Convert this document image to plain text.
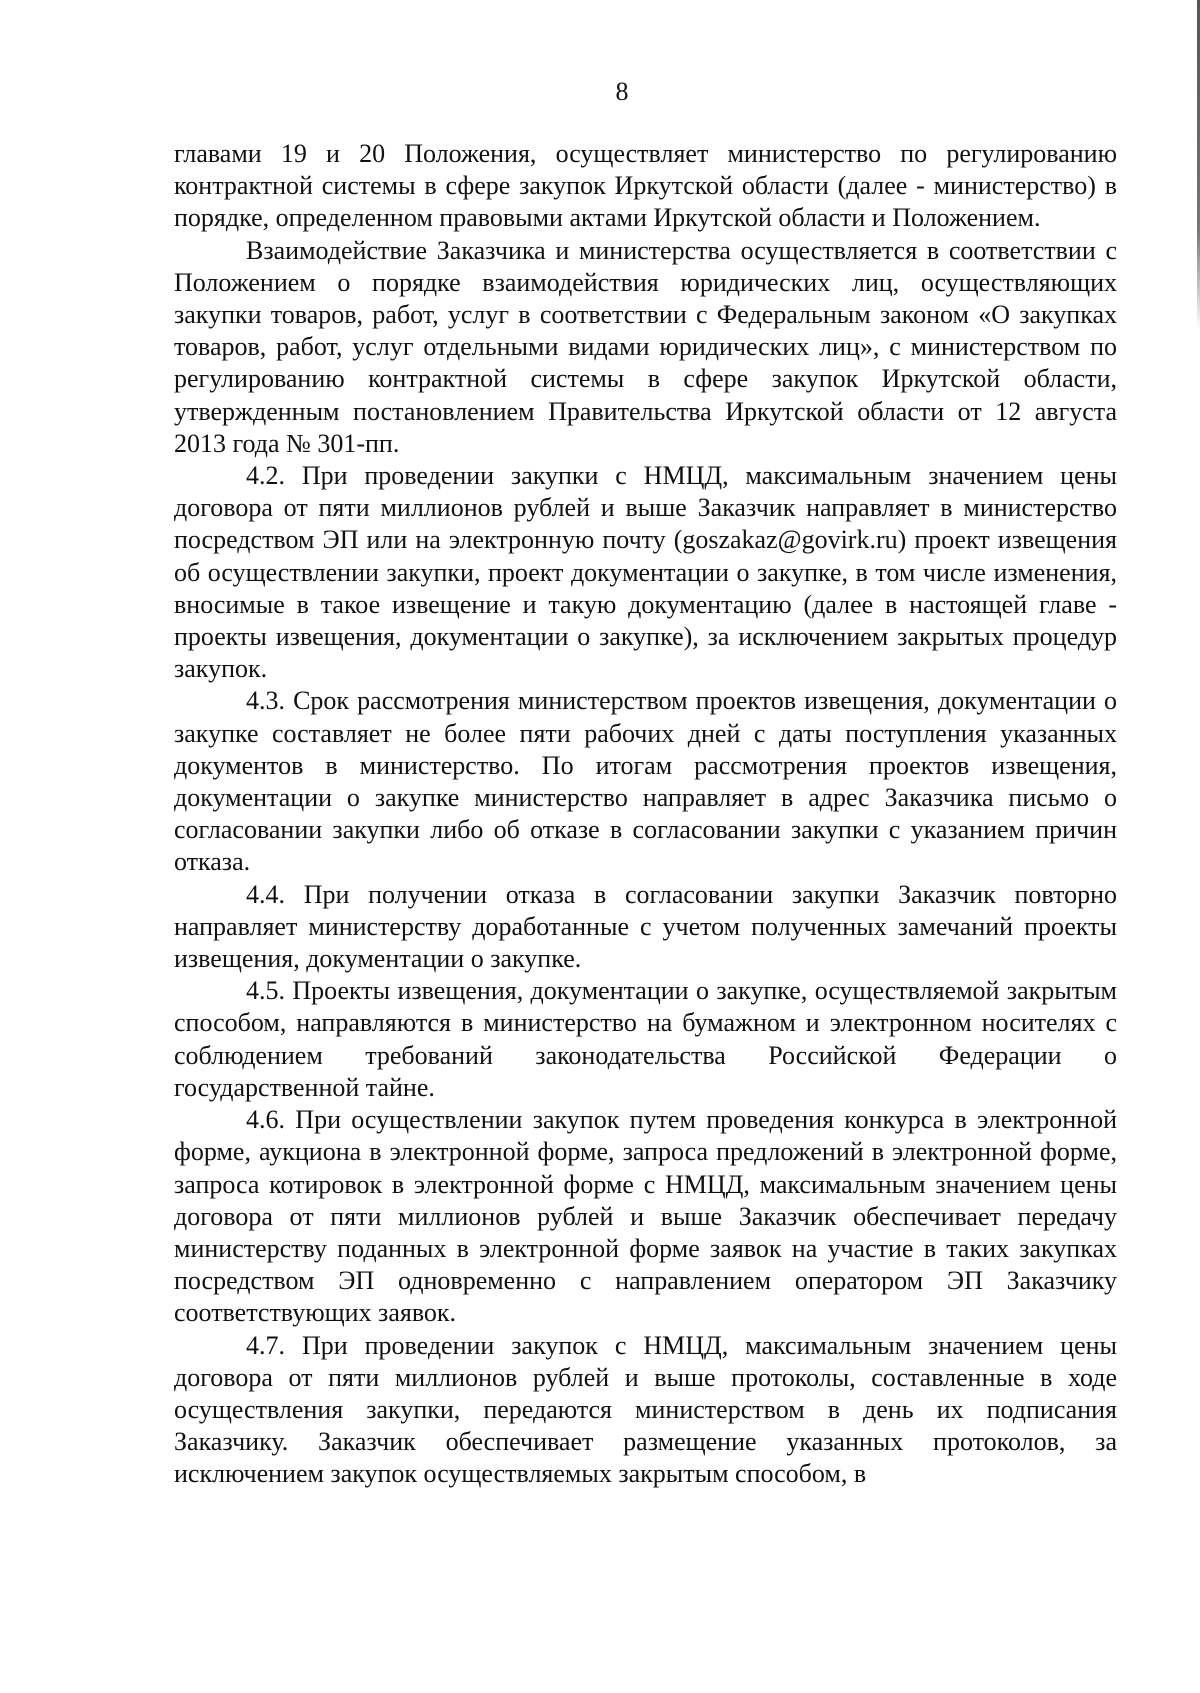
8

главами 19 и 20 Положения, осуществляет министерство по регулированию контрактной системы в сфере закупок Иркутской области (далее - министерство) в порядке, определенном правовыми актами Иркутской области и Положением.

Взаимодействие Заказчика и министерства осуществляется в соответствии с Положением о порядке взаимодействия юридических лиц, осуществляющих закупки товаров, работ, услуг в соответствии с Федеральным законом «О закупках товаров, работ, услуг отдельными видами юридических лиц», с министерством по регулированию контрактной системы в сфере закупок Иркутской области, утвержденным постановлением Правительства Иркутской области от 12 августа 2013 года № 301-пп.

4.2. При проведении закупки с НМЦД, максимальным значением цены договора от пяти миллионов рублей и выше Заказчик направляет в министерство посредством ЭП или на электронную почту (goszakaz@govirk.ru) проект извещения об осуществлении закупки, проект документации о закупке, в том числе изменения, вносимые в такое извещение и такую документацию (далее в настоящей главе - проекты извещения, документации о закупке), за исключением закрытых процедур закупок.

4.3. Срок рассмотрения министерством проектов извещения, документации о закупке составляет не более пяти рабочих дней с даты поступления указанных документов в министерство. По итогам рассмотрения проектов извещения, документации о закупке министерство направляет в адрес Заказчика письмо о согласовании закупки либо об отказе в согласовании закупки с указанием причин отказа.

4.4. При получении отказа в согласовании закупки Заказчик повторно направляет министерству доработанные с учетом полученных замечаний проекты извещения, документации о закупке.

4.5. Проекты извещения, документации о закупке, осуществляемой закрытым способом, направляются в министерство на бумажном и электронном носителях с соблюдением требований законодательства Российской Федерации о государственной тайне.

4.6. При осуществлении закупок путем проведения конкурса в электронной форме, аукциона в электронной форме, запроса предложений в электронной форме, запроса котировок в электронной форме с НМЦД, максимальным значением цены договора от пяти миллионов рублей и выше Заказчик обеспечивает передачу министерству поданных в электронной форме заявок на участие в таких закупках посредством ЭП одновременно с направлением оператором ЭП Заказчику соответствующих заявок.

4.7. При проведении закупок с НМЦД, максимальным значением цены договора от пяти миллионов рублей и выше протоколы, составленные в ходе осуществления закупки, передаются министерством в день их подписания Заказчику. Заказчик обеспечивает размещение указанных протоколов, за исключением закупок осуществляемых закрытым способом, в
